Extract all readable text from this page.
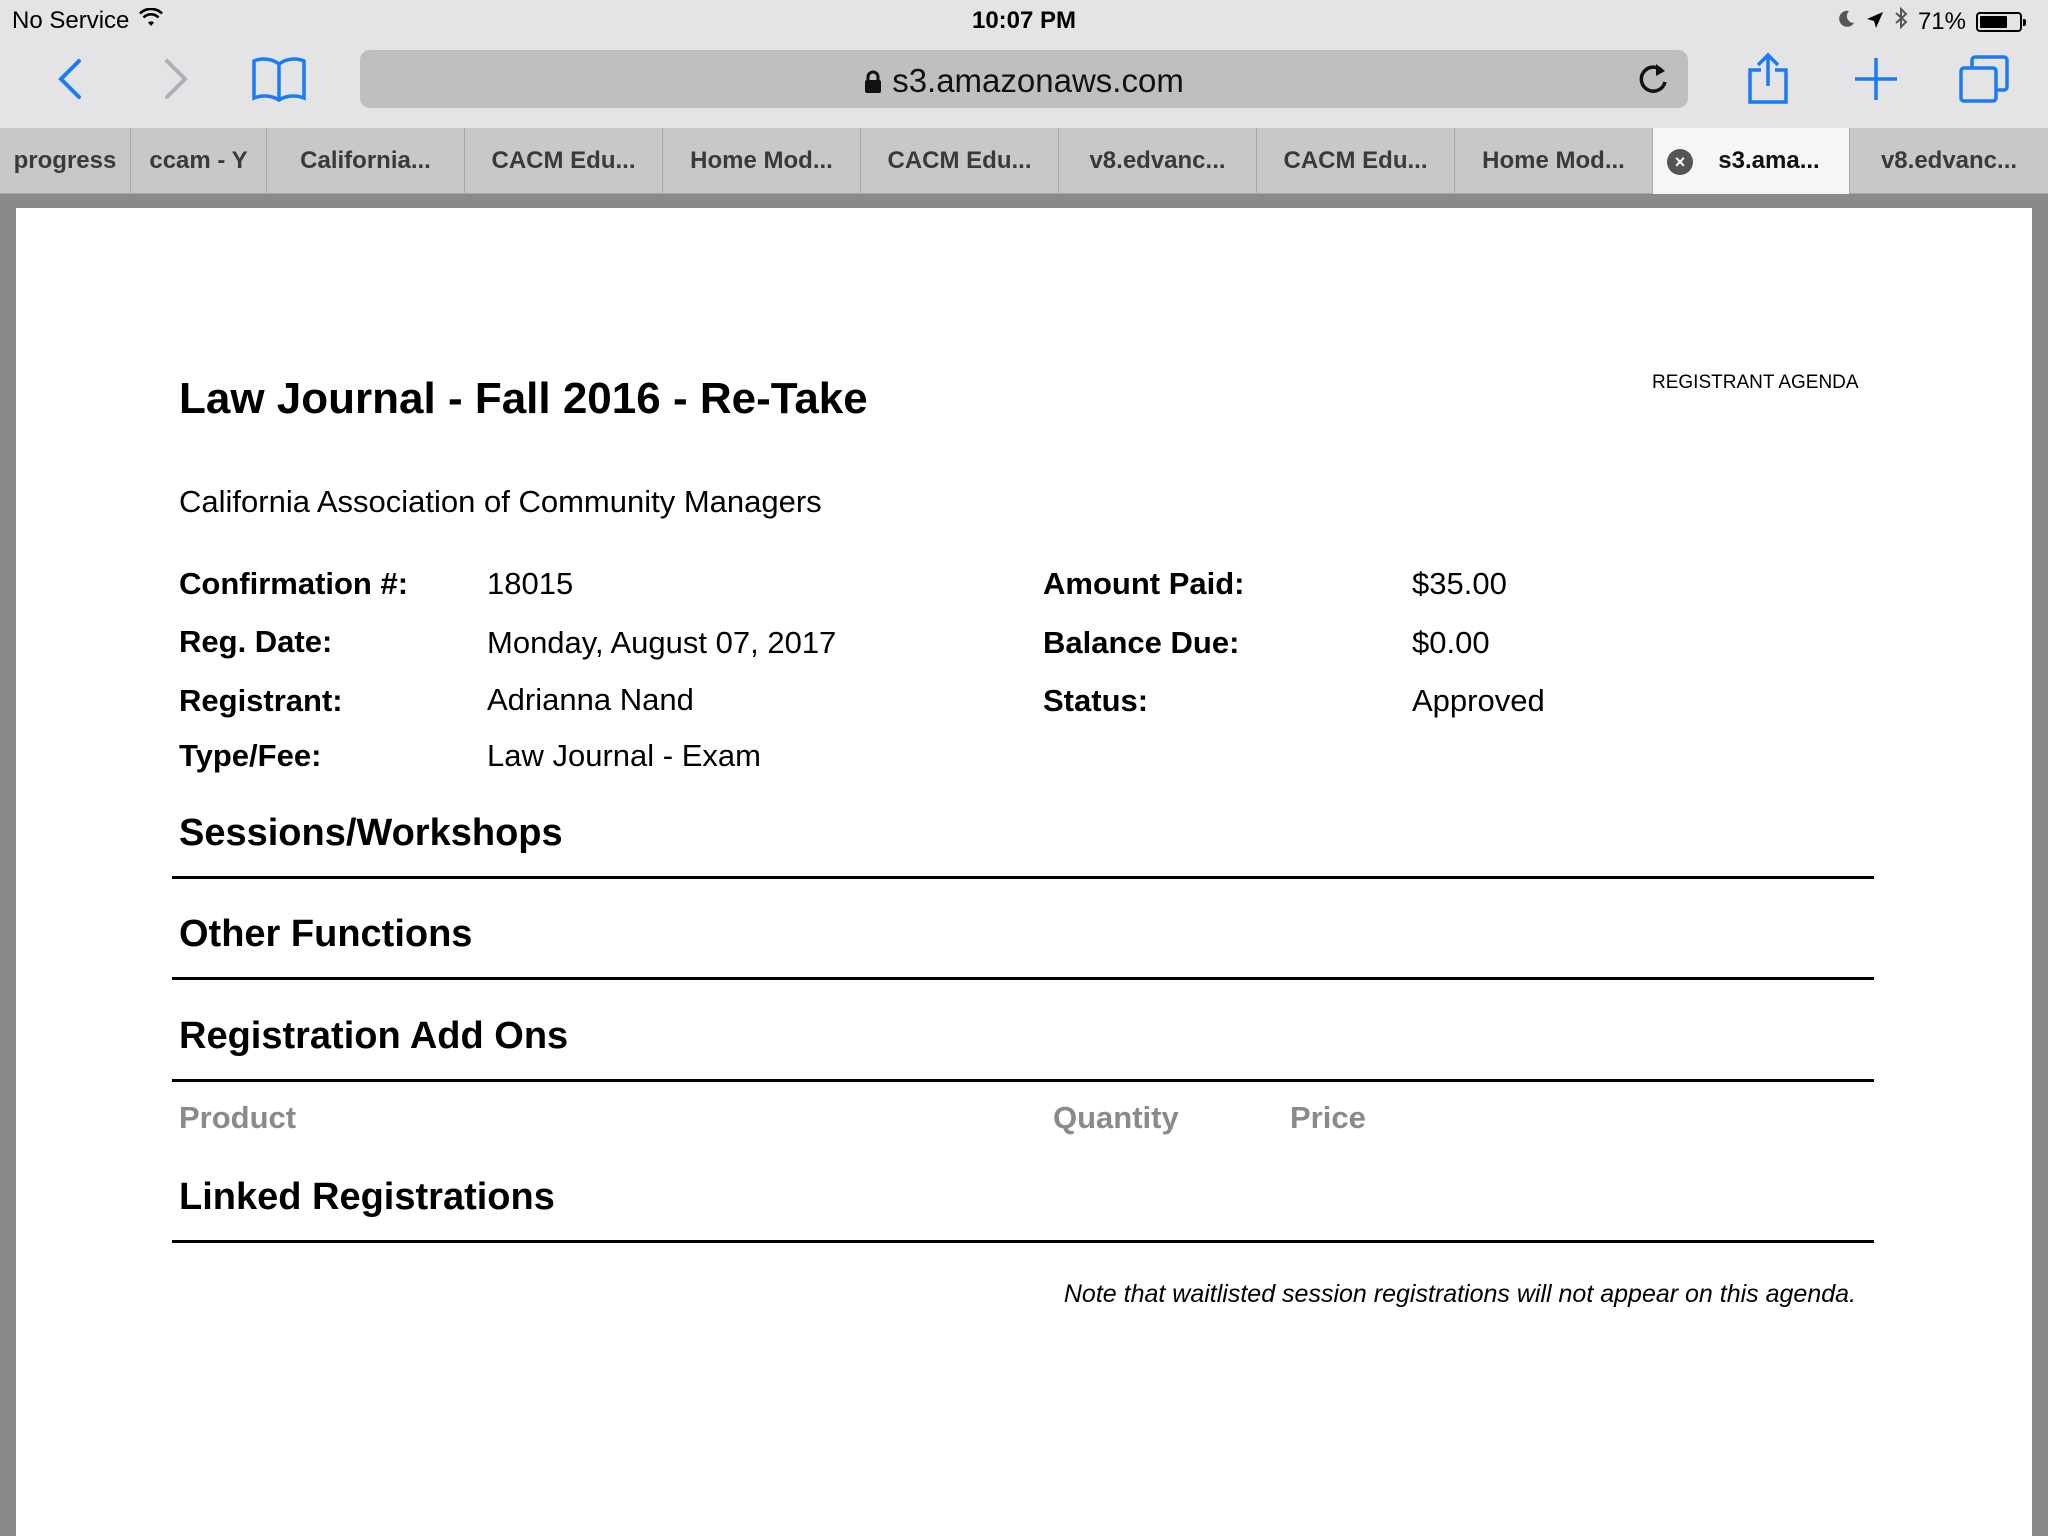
No Service	10:07 PM	71%
s3.amazonaws.com
progress ccam - Y California...	CACM Edu... Home Mod... CACM Edu... v8.edvanc... CACM Edu... Home Mod...	×	s3.ama...	v8.edvanc...
Law Journal - Fall 2016 - Re-Take	REGISTRANT AGENDA
California Association of Community Managers
Confirmation #:	18015
Reg. Date:	Monday, August 07, 2017
Registrant:	Adrianna Nand
Type/Fee:	Law Journal - Exam
Amount Paid:	$35.00
Balance Due:	$0.00
Status:	Approved
Sessions/Workshops
Other Functions
Registration Add Ons
Product	Quantity	Price
Linked Registrations
Note that waitlisted session registrations will not appear on this agenda.
